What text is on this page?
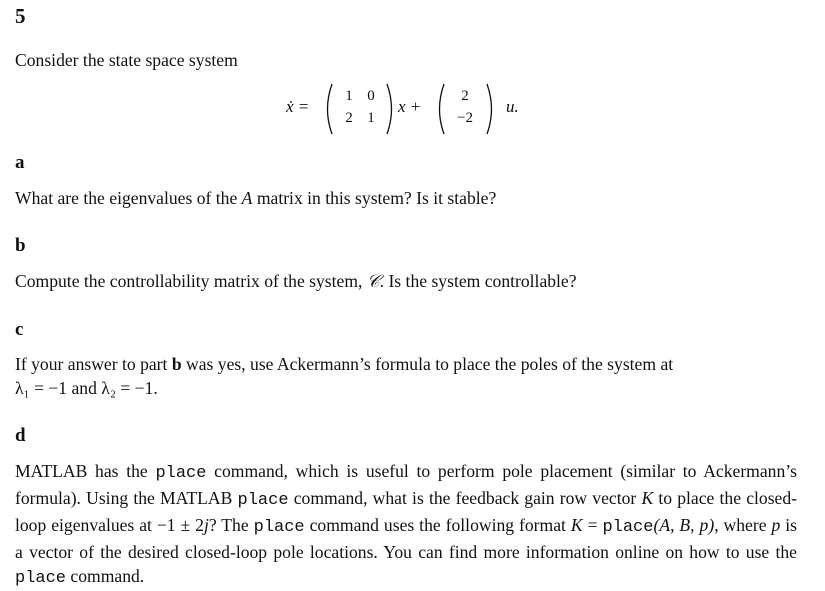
5
Consider the state space system
ẋ =
1 0
2 1
x +
2
−2
u.
a
What are the eigenvalues of the A matrix in this system? Is it stable?
b
Compute the controllability matrix of the system, 𝒞. Is the system controllable?
c
If your answer to part b was yes, use Ackermann’s formula to place the poles of the system at
λ₁ = −1 and λ₂ = −1.
d
MATLAB has the place command, which is useful to perform pole placement (similar to Ackermann’s formula). Using the MATLAB place command, what is the feedback gain row vector K to place the closed-loop eigenvalues at −1 ± 2j? The place command uses the following format K = place(A, B, p), where p is a vector of the desired closed-loop pole locations. You can find more information online on how to use the place command.
